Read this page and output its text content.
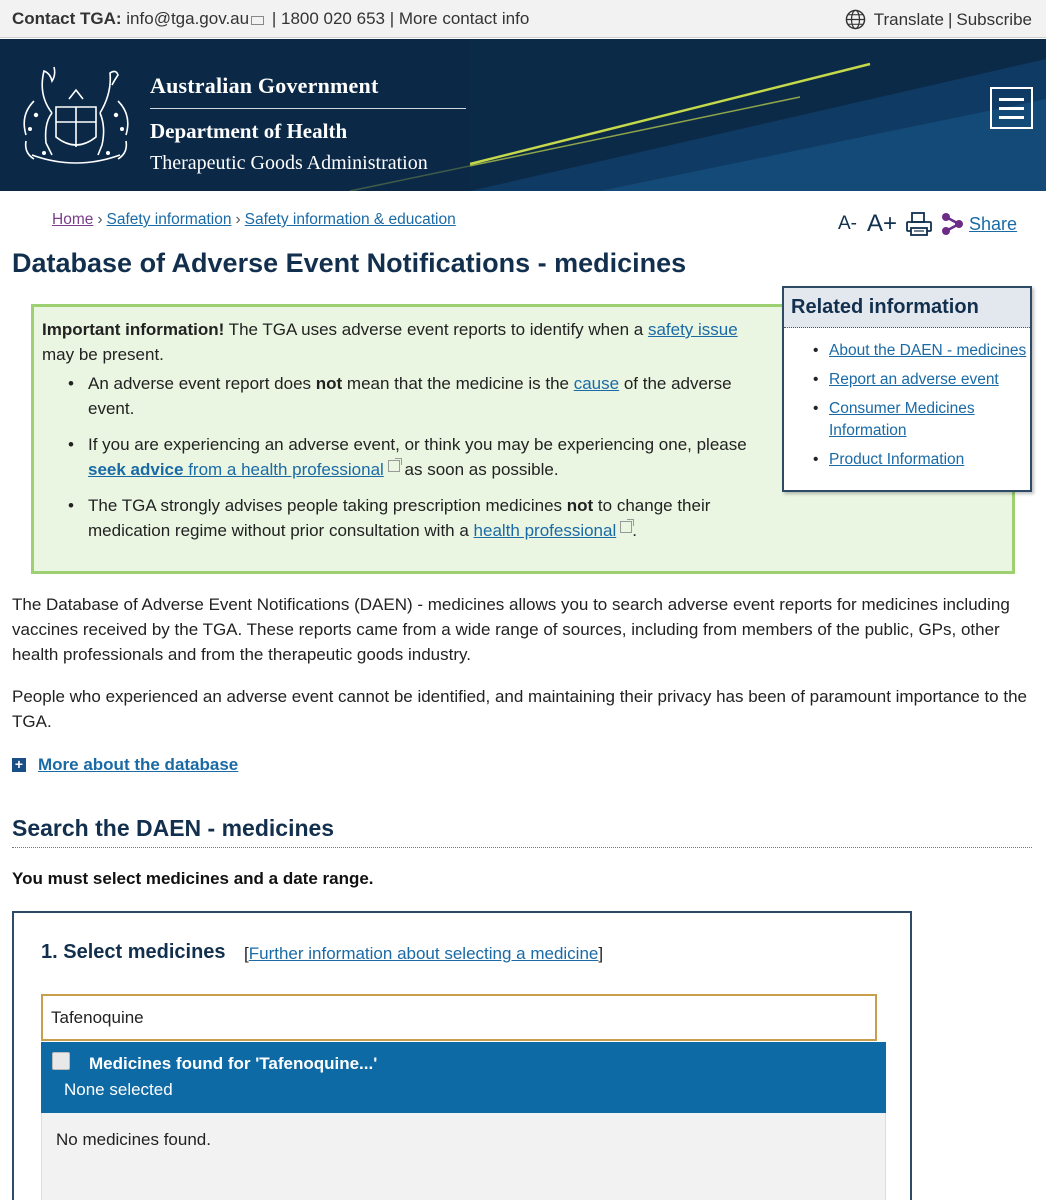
Contact TGA: info@tga.gov.au | 1800 020 653 | More contact info	Translate | Subscribe
Australian Government
Department of Health
Therapeutic Goods Administration
Home › Safety information › Safety information & education	A- A+	Share
Database of Adverse Event Notifications - medicines
Important information! The TGA uses adverse event reports to identify when a safety issue may be present.
• An adverse event report does not mean that the medicine is the cause of the adverse event.
• If you are experiencing an adverse event, or think you may be experiencing one, please seek advice from a health professional as soon as possible.
• The TGA strongly advises people taking prescription medicines not to change their medication regime without prior consultation with a health professional .
Related information
• About the DAEN - medicines
• Report an adverse event
• Consumer Medicines Information
• Product Information

The Database of Adverse Event Notifications (DAEN) - medicines allows you to search adverse event reports for medicines including vaccines received by the TGA. These reports came from a wide range of sources, including from members of the public, GPs, other health professionals and from the therapeutic goods industry.

People who experienced an adverse event cannot be identified, and maintaining their privacy has been of paramount importance to the TGA.

+ More about the database
Search the DAEN - medicines
You must select medicines and a date range.
1. Select medicines [Further information about selecting a medicine]
Tafenoquine
Medicines found for 'Tafenoquine...'
None selected
No medicines found.
